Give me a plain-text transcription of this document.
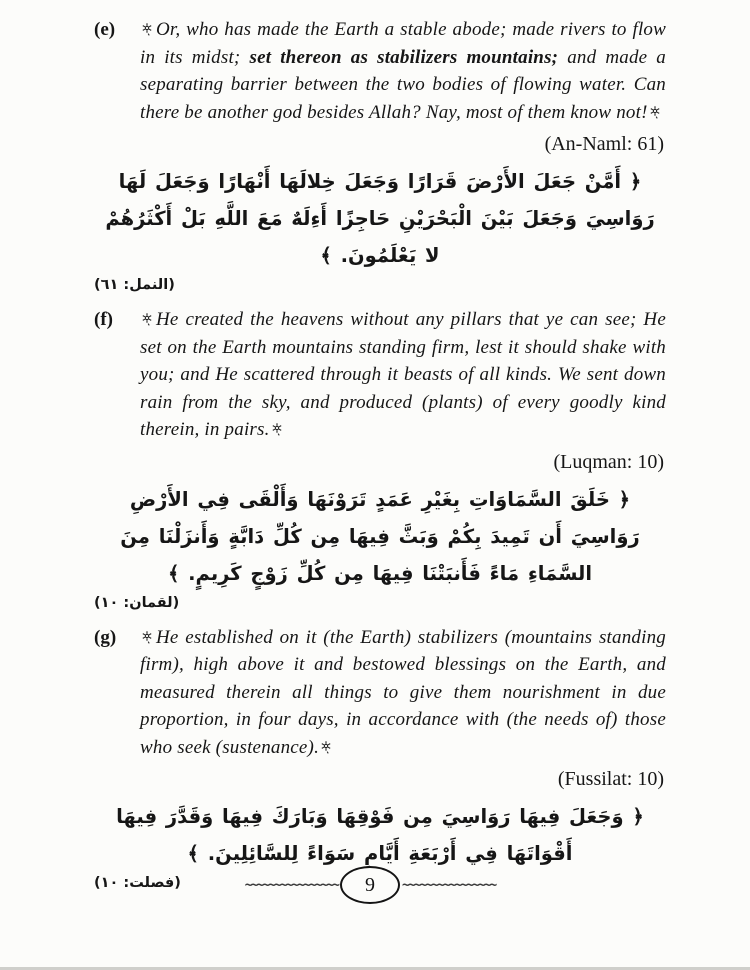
(e)	Or, who has made the Earth a stable abode; made rivers to flow in its midst; set thereon as stabilizers mountains; and made a separating barrier between the two bodies of flowing water. Can there be another god besides Allah? Nay, most of them know not!
(An-Naml: 61)
﴿ أَمَّنْ جَعَلَ الأَرْضَ قَرَارًا وَجَعَلَ خِلالَهَا أَنْهَارًا وَجَعَلَ لَهَا رَوَاسِيَ وَجَعَلَ بَيْنَ الْبَحْرَيْنِ حَاجِزًا أَءِلَهٌ مَعَ اللَّهِ بَلْ أَكْثَرُهُمْ لا يَعْلَمُونَ. ﴾
(النمل: ٦١)
(f)	He created the heavens without any pillars that ye can see; He set on the Earth mountains standing firm, lest it should shake with you; and He scattered through it beasts of all kinds. We sent down rain from the sky, and produced (plants) of every goodly kind therein, in pairs.
(Luqman: 10)
﴿ خَلَقَ السَّمَاوَاتِ بِغَيْرِ عَمَدٍ تَرَوْنَهَا وَأَلْقَى فِي الأَرْضِ رَوَاسِيَ أَن تَمِيدَ بِكُمْ وَبَثَّ فِيهَا مِن كُلِّ دَابَّةٍ وَأَنزَلْنَا مِنَ السَّمَاءِ مَاءً فَأَنبَتْنَا فِيهَا مِن كُلِّ زَوْجٍ كَرِيمٍ. ﴾
(لقمان: ١٠)
(g)	He established on it (the Earth) stabilizers (mountains standing firm), high above it and bestowed blessings on the Earth, and measured therein all things to give them nourishment in due proportion, in four days, in accordance with (the needs of) those who seek (sustenance).
(Fussilat: 10)
﴿ وَجَعَلَ فِيهَا رَوَاسِيَ مِن فَوْقِهَا وَبَارَكَ فِيهَا وَقَدَّرَ فِيهَا أَقْوَاتَهَا فِي أَرْبَعَةِ أَيَّامٍ سَوَاءً لِلسَّائِلِينَ. ﴾
(فصلت: ١٠)	~~~~~~~~~~~~~~~~ 9 ~~~~~~~~~~~~~~~~
